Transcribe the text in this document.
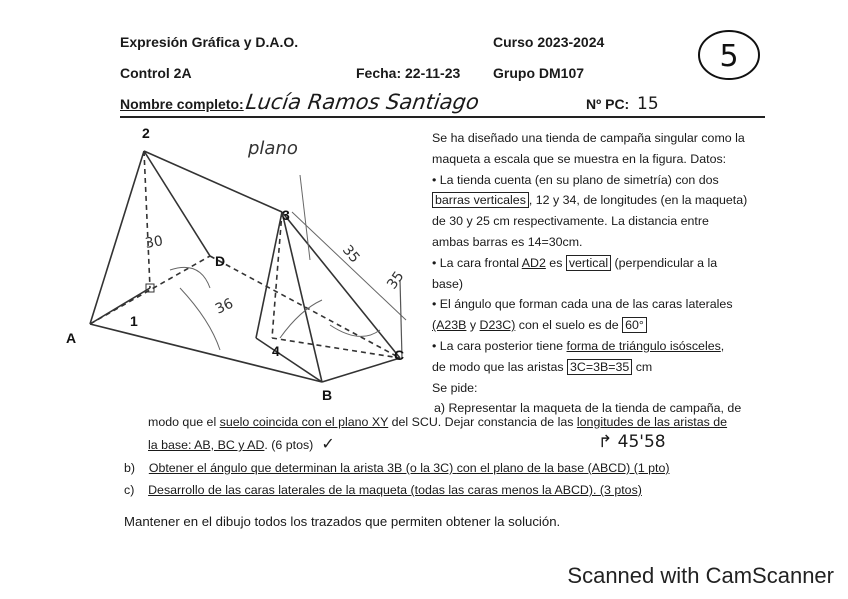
Expresión Gráfica y D.A.O.	Curso 2023-2024
Control 2A	Fecha: 22-11-23 Grupo DM107
Nombre completo: Lucía Ramos Santiago	Nº PC: 15
5
2
3
D
A
1
4
B
C
30	35
35
36
plano	Se ha diseñado una tienda de campaña singular como la
maqueta a escala que se muestra en la figura. Datos:
• La tienda cuenta (en su plano de simetría) con dos
barras verticales , 12 y 34, de longitudes (en la maqueta)
de 30 y 25 cm respectivamente. La distancia entre
ambas barras es 14=30cm.
• La cara frontal AD2 es vertical (perpendicular a la
base)
• El ángulo que forman cada una de las caras laterales
(A23B y D23C) con el suelo es de 60°
• La cara posterior tiene forma de triángulo isósceles,
de modo que las aristas 3C=3B=35 cm
Se pide:
a) Representar la maqueta de la tienda de campaña, de
modo que el suelo coincida con el plano XY del SCU. Dejar constancia de las longitudes de las aristas de
la base: AB, BC y AD. (6 ptos) ✓	↱ 45'58
b) Obtener el ángulo que determinan la arista 3B (o la 3C) con el plano de la base (ABCD) (1 pto)
c) Desarrollo de las caras laterales de la maqueta (todas las caras menos la ABCD). (3 ptos)
Mantener en el dibujo todos los trazados que permiten obtener la solución.
Scanned with CamScanner
